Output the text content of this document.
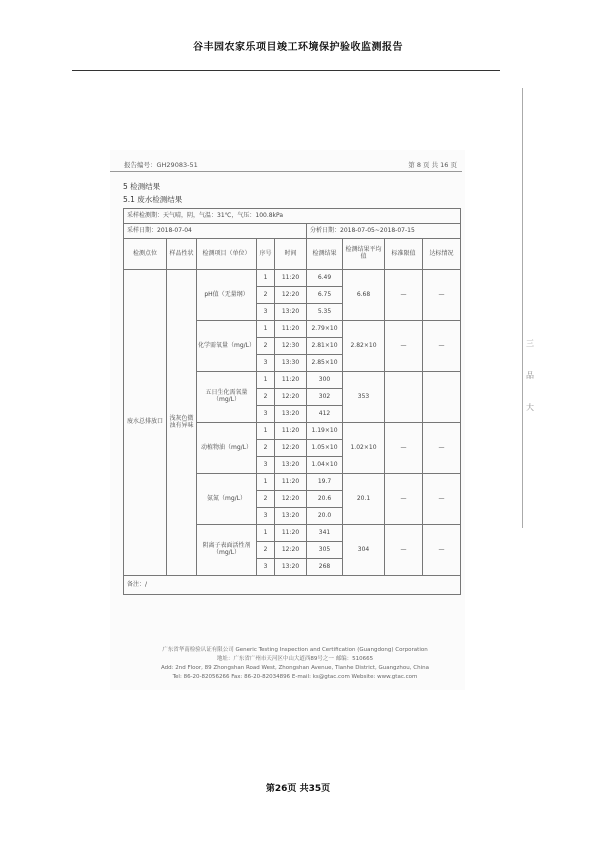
谷丰园农家乐项目竣工环境保护验收监测报告
报告编号：GH29083-51	第 8 页 共 16 页
5 检测结果
5.1 废水检测结果
采样检测期：天气晴，阴，气温：31℃，气压：100.8kPa								
采样日期：2018-07-04					分析日期：2018-07-05~2018-07-15			
检测点位	样品性状	检测项目（单位）	序号	时间	检测结果	检测结果平均值	标准限值	达标情况
废水总排放口	浅灰色微浊有异味	pH值（无量纲）	1	11:20	6.49	6.68	—	—
			2	12:20	6.75			
			3	13:20	5.35			
		化学需氧量（mg/L）	1	11:20	2.79×10	2.82×10	—	—
			2	12:30	2.81×10			
			3	13:30	2.85×10			
		五日生化需氧量（mg/L）	1	11:20	300	353		
			2	12:20	302			
			3	13:20	412			
		动植物油（mg/L）	1	11:20	1.19×10	1.02×10	—	—
			2	12:20	1.05×10			
			3	13:20	1.04×10			
		氨氮（mg/L）	1	11:20	19.7	20.1	—	—
			2	12:20	20.6			
			3	13:20	20.0			
		阴离子表面活性剂（mg/L）	1	11:20	341	304	—	—
			2	12:20	305			
			3	13:20	268			
备注：/								
广东省华南检验认证有限公司 Generic Testing Inspection and Certification (Guangdong) Corporation
地址：广东省广州市天河区中山大道西89号之一 邮编：510665
Add: 2nd Floor, 89 Zhongshan Road West, Zhongshan Avenue, Tianhe District, Guangzhou, China
Tel: 86-20-82056266 Fax: 86-20-82034896 E-mail: ks@gtac.com Website: www.gtac.com
三
品
大
第26页 共35页
